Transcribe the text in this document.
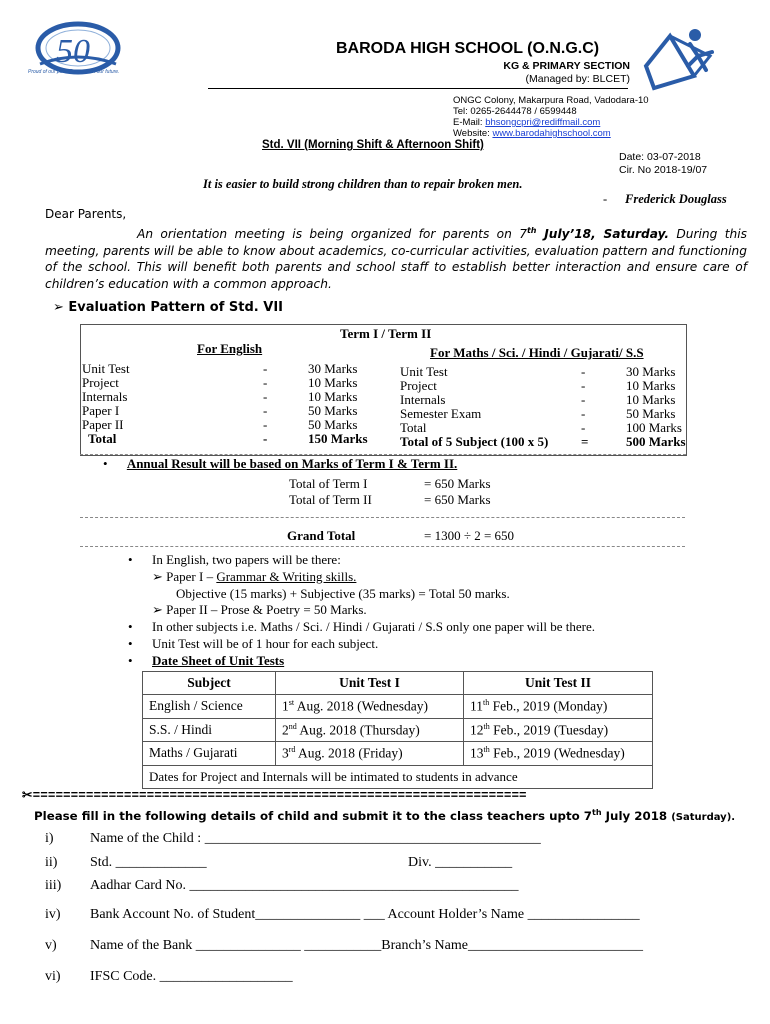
50
Proud of our past. Focused on our future.
BARODA HIGH SCHOOL (O.N.G.C)
KG & PRIMARY SECTION
(Managed by: BLCET)
ONGC Colony, Makarpura Road, Vadodara-10
Tel: 0265-2644478 / 6599448
E-Mail: bhsongcpri@rediffmail.com
Website: www.barodahighschool.com
Std. VII (Morning Shift & Afternoon Shift)
Date: 03-07-2018
Cir. No 2018-19/07
It is easier to build strong children than to repair broken men.
- Frederick Douglass
Dear Parents,
An orientation meeting is being organized for parents on 7th July’18, Saturday. During this meeting, parents will be able to know about academics, co-curricular activities, evaluation pattern and functioning of the school. This will benefit both parents and school staff to establish better interaction and ensure care of children’s education with a common approach.
➢ Evaluation Pattern of Std. VII
Term I / Term II
For English	For Maths / Sci. / Hindi / Gujarati/ S.S
Unit Test	-	30 Marks
Project	-	10 Marks
Internals	-	10 Marks
Paper I	-	50 Marks
Paper II	-	50 Marks
Total	-	150 Marks
Unit Test	-	30 Marks
Project	-	10 Marks
Internals	-	10 Marks
Semester Exam	-	50 Marks
Total	-	100 Marks
Total of 5 Subject (100 x 5)	=	500 Marks
• Annual Result will be based on Marks of Term I & Term II.
Total of Term I	= 650 Marks
Total of Term II	= 650 Marks
Grand Total	= 1300 ÷ 2 = 650
• In English, two papers will be there:
➢ Paper I – Grammar & Writing skills.
Objective (15 marks) + Subjective (35 marks) = Total 50 marks.
➢ Paper II – Prose & Poetry = 50 Marks.
• In other subjects i.e. Maths / Sci. / Hindi / Gujarati / S.S only one paper will be there.
• Unit Test will be of 1 hour for each subject.
• Date Sheet of Unit Tests
Subject	Unit Test I	Unit Test II
English / Science	1st Aug. 2018 (Wednesday)	11th Feb., 2019 (Monday)
S.S. / Hindi	2nd Aug. 2018 (Thursday)	12th Feb., 2019 (Tuesday)
Maths / Gujarati	3rd Aug. 2018 (Friday)	13th Feb., 2019 (Wednesday)
Dates for Project and Internals will be intimated to students in advance		
✂=================================================================
Please fill in the following details of child and submit it to the class teachers upto 7th July 2018 (Saturday).
i)	Name of the Child : ________________________________________________
ii) Std. _____________	Div. ___________
iii) Aadhar Card No. _______________________________________________
iv) Bank Account No. of Student_______________ ___ Account Holder’s Name ________________
v) Name of the Bank _______________ ___________Branch’s Name_________________________
vi) IFSC Code. ___________________
